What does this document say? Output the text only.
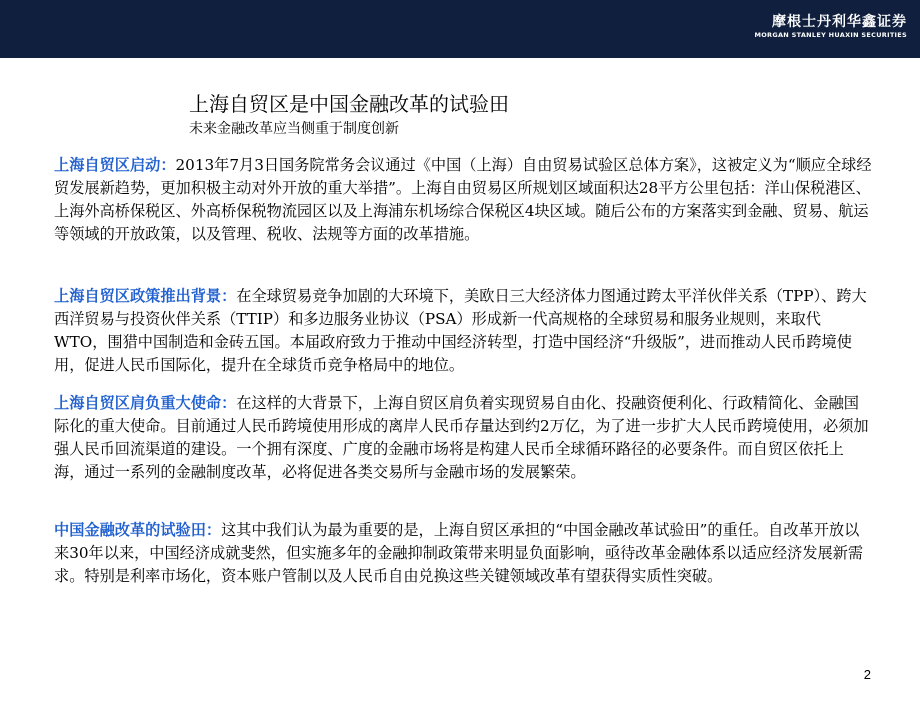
摩根士丹利华鑫证券
MORGAN STANLEY HUAXIN SECURITIES
上海自贸区是中国金融改革的试验田
未来金融改革应当侧重于制度创新
上海自贸区启动：2013年7月3日国务院常务会议通过《中国（上海）自由贸易试验区总体方案》，这被定义为“顺应全球经贸发展新趋势，更加积极主动对外开放的重大举措”。上海自由贸易区所规划区域面积达28平方公里包括：洋山保税港区、上海外高桥保税区、外高桥保税物流园区以及上海浦东机场综合保税区4块区域。随后公布的方案落实到金融、贸易、航运等领域的开放政策，以及管理、税收、法规等方面的改革措施。
上海自贸区政策推出背景：在全球贸易竞争加剧的大环境下，美欧日三大经济体力图通过跨太平洋伙伴关系（TPP）、跨大西洋贸易与投资伙伴关系（TTIP）和多边服务业协议（PSA）形成新一代高规格的全球贸易和服务业规则，来取代WTO，围猎中国制造和金砖五国。本届政府致力于推动中国经济转型，打造中国经济“升级版”，进而推动人民币跨境使用，促进人民币国际化，提升在全球货币竞争格局中的地位。
上海自贸区肩负重大使命：在这样的大背景下，上海自贸区肩负着实现贸易自由化、投融资便利化、行政精简化、金融国际化的重大使命。目前通过人民币跨境使用形成的离岸人民币存量达到约2万亿，为了进一步扩大人民币跨境使用，必须加强人民币回流渠道的建设。一个拥有深度、广度的金融市场将是构建人民币全球循环路径的必要条件。而自贸区依托上海，通过一系列的金融制度改革，必将促进各类交易所与金融市场的发展繁荣。
中国金融改革的试验田：这其中我们认为最为重要的是，上海自贸区承担的“中国金融改革试验田”的重任。自改革开放以来30年以来，中国经济成就斐然，但实施多年的金融抑制政策带来明显负面影响，亟待改革金融体系以适应经济发展新需求。特别是利率市场化，资本账户管制以及人民币自由兑换这些关键领域改革有望获得实质性突破。
2
